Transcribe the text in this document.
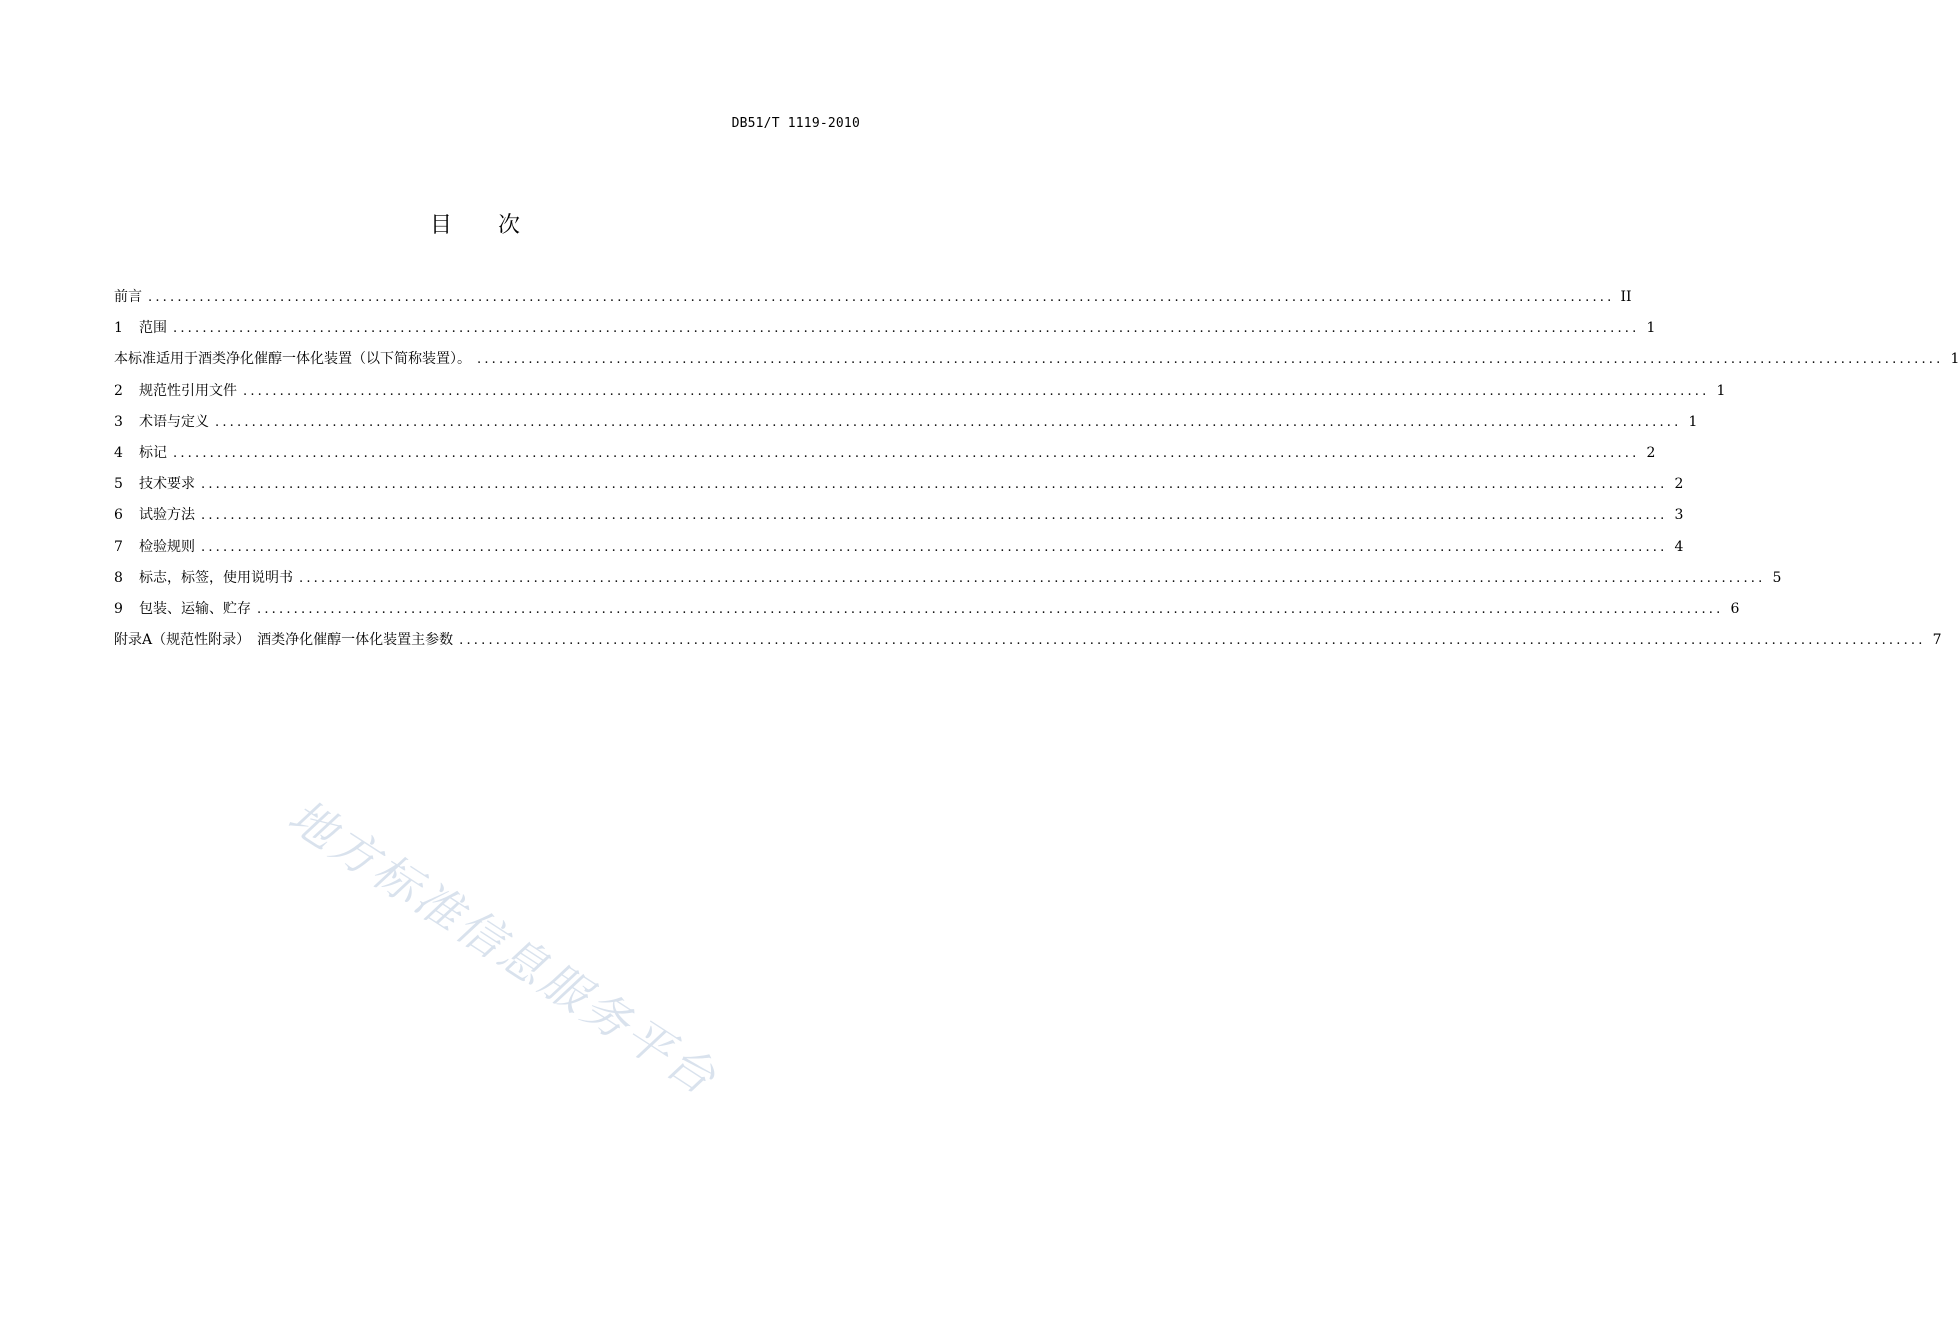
DB51/T 1119-2010
目 次
前言 ........................................................................................................................................................................................................ II
1 范围 ........................................................................................................................................................................................................ 1
本标准适用于酒类净化催醇一体化装置（以下简称装置）。 ........................................................................................................................................................................................................ 1
2 规范性引用文件 ........................................................................................................................................................................................................ 1
3 术语与定义 ........................................................................................................................................................................................................ 1
4 标记 ........................................................................................................................................................................................................ 2
5 技术要求 ........................................................................................................................................................................................................ 2
6 试验方法 ........................................................................................................................................................................................................ 3
7 检验规则 ........................................................................................................................................................................................................ 4
8 标志，标签，使用说明书 ........................................................................................................................................................................................................ 5
9 包装、运输、贮存 ........................................................................................................................................................................................................ 6
附录A（规范性附录）　酒类净化催醇一体化装置主参数 ........................................................................................................................................................................................................ 7
地方标准信息服务平台
